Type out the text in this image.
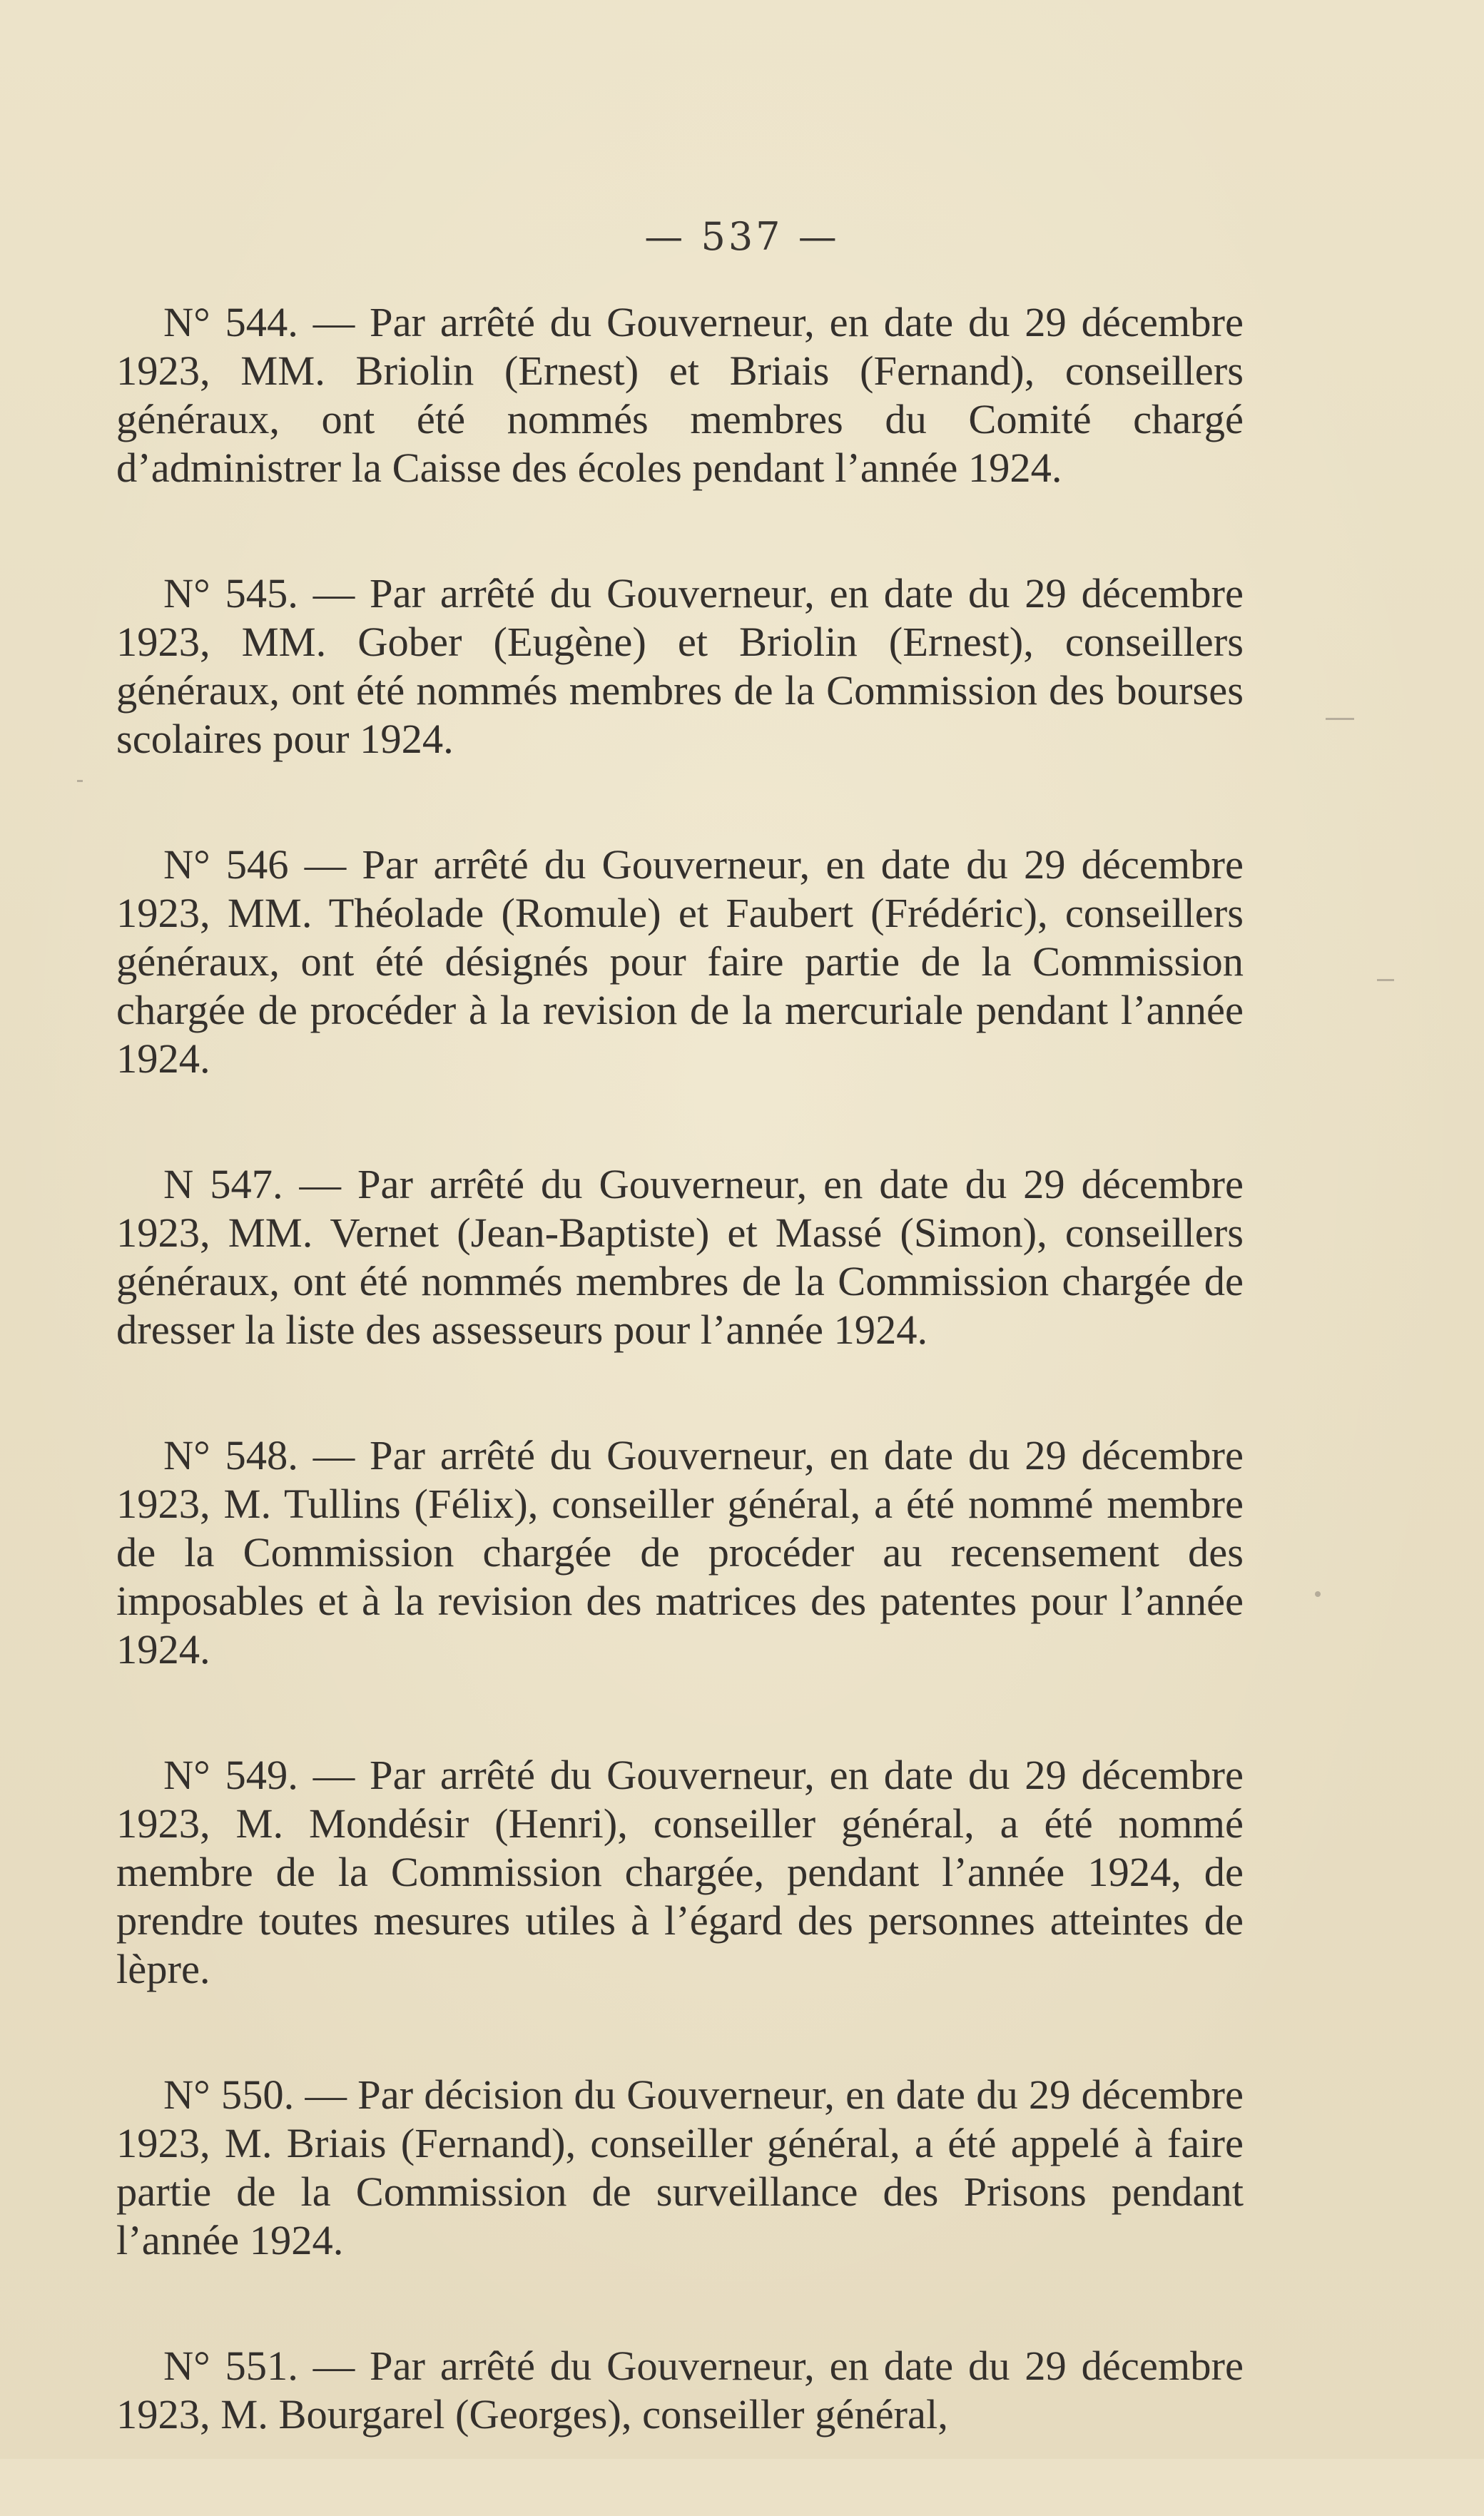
— 537 —

N° 544. — Par arrêté du Gouverneur, en date du 29 décembre 1923, MM. Briolin (Ernest) et Briais (Fernand), conseillers généraux, ont été nommés membres du Comité chargé d’administrer la Caisse des écoles pendant l’année 1924.

N° 545. — Par arrêté du Gouverneur, en date du 29 décembre 1923, MM. Gober (Eugène) et Briolin (Ernest), conseillers généraux, ont été nommés membres de la Commission des bourses scolaires pour 1924.

N° 546 — Par arrêté du Gouverneur, en date du 29 décembre 1923, MM. Théolade (Romule) et Faubert (Frédéric), conseillers généraux, ont été désignés pour faire partie de la Commission chargée de procéder à la revision de la mercuriale pendant l’année 1924.

N 547. — Par arrêté du Gouverneur, en date du 29 décembre 1923, MM. Vernet (Jean-Baptiste) et Massé (Simon), conseillers généraux, ont été nommés membres de la Commission chargée de dresser la liste des assesseurs pour l’année 1924.

N° 548. — Par arrêté du Gouverneur, en date du 29 décembre 1923, M. Tullins (Félix), conseiller général, a été nommé membre de la Commission chargée de procéder au recensement des imposables et à la revision des matrices des patentes pour l’année 1924.

N° 549. — Par arrêté du Gouverneur, en date du 29 décembre 1923, M. Mondésir (Henri), conseiller général, a été nommé membre de la Commission chargée, pendant l’année 1924, de prendre toutes mesures utiles à l’égard des personnes atteintes de lèpre.

N° 550. — Par décision du Gouverneur, en date du 29 décembre 1923, M. Briais (Fernand), conseiller général, a été appelé à faire partie de la Commission de surveillance des Prisons pendant l’année 1924.

N° 551. — Par arrêté du Gouverneur, en date du 29 décembre 1923, M. Bourgarel (Georges), conseiller général,
